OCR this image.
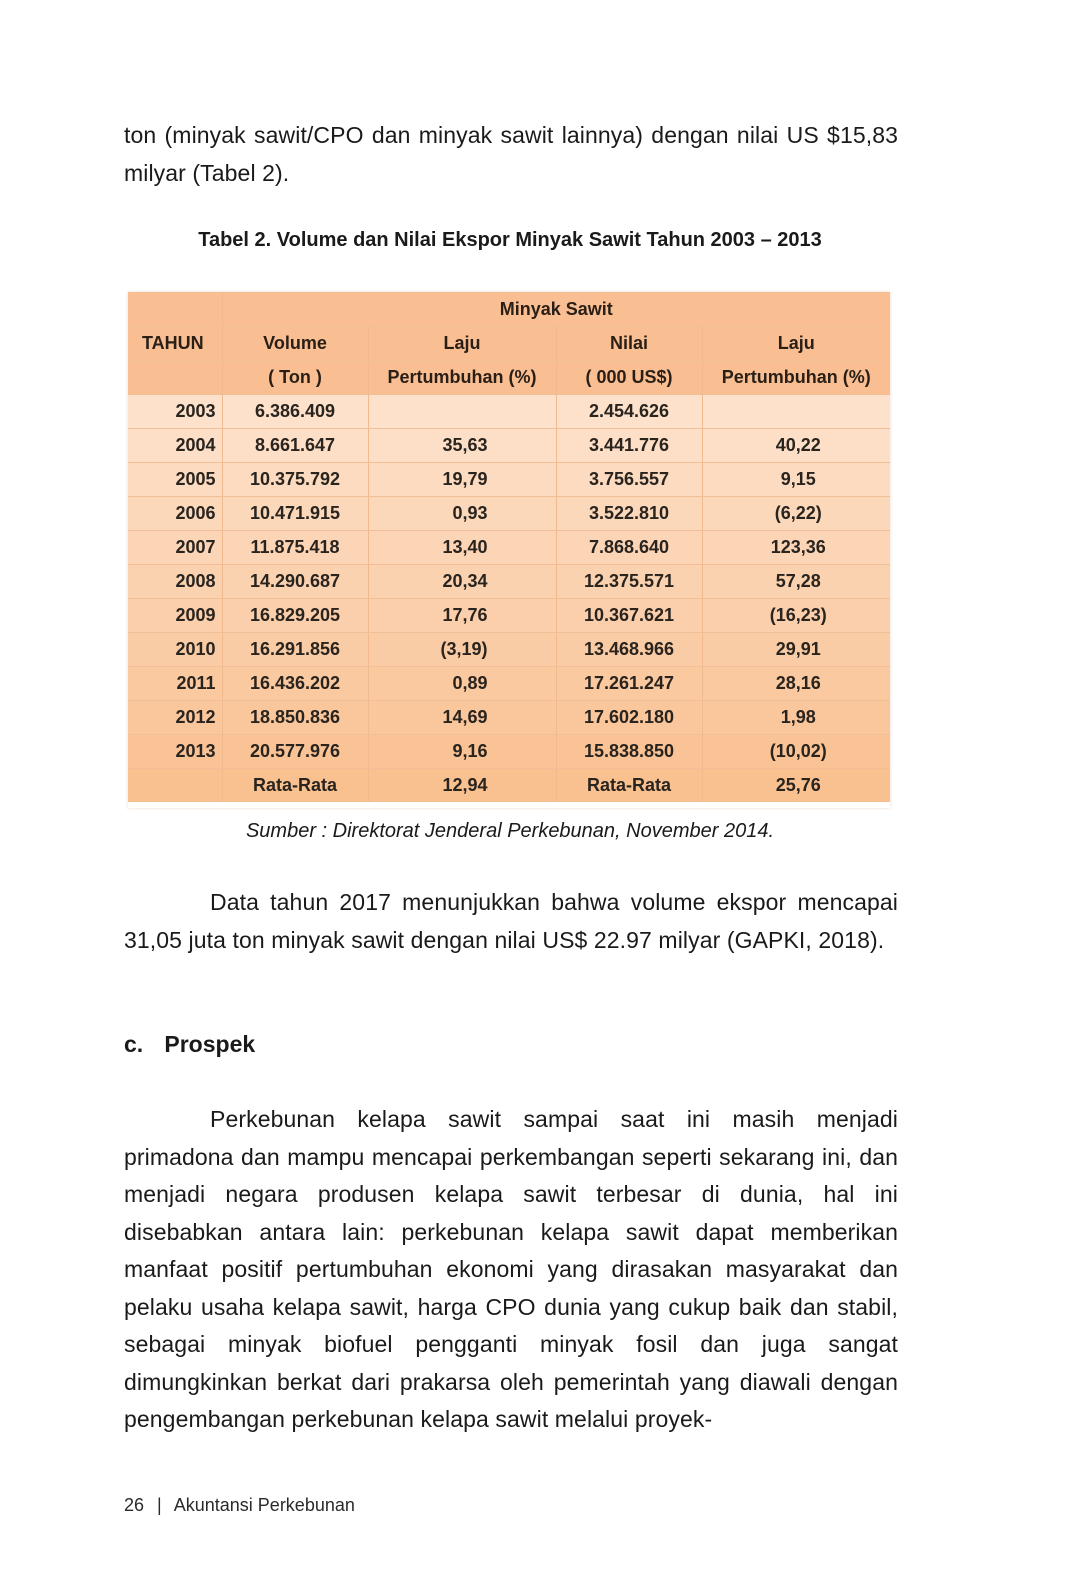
ton (minyak sawit/CPO dan minyak sawit lainnya) dengan nilai US $15,83 milyar (Tabel 2).

Tabel 2. Volume dan Nilai Ekspor Minyak Sawit Tahun 2003 – 2013
	Minyak Sawit			
TAHUN	Volume	Laju	Nilai	Laju
	( Ton )	Pertumbuhan (%)	( 000 US$)	Pertumbuhan (%)
2003	6.386.409		2.454.626	
2004	8.661.647	35,63	3.441.776	40,22
2005	10.375.792	19,79	3.756.557	9,15
2006	10.471.915	0,93	3.522.810	(6,22)
2007	11.875.418	13,40	7.868.640	123,36
2008	14.290.687	20,34	12.375.571	57,28
2009	16.829.205	17,76	10.367.621	(16,23)
2010	16.291.856	(3,19)	13.468.966	29,91
2011	16.436.202	0,89	17.261.247	28,16
2012	18.850.836	14,69	17.602.180	1,98
2013	20.577.976	9,16	15.838.850	(10,02)
	Rata-Rata	12,94	Rata-Rata	25,76
Sumber : Direktorat Jenderal Perkebunan, November 2014.

Data tahun 2017 menunjukkan bahwa volume ekspor mencapai 31,05 juta ton minyak sawit dengan nilai US$ 22.97 milyar (GAPKI, 2018).

c. Prospek

Perkebunan kelapa sawit sampai saat ini masih menjadi primadona dan mampu mencapai perkembangan seperti sekarang ini, dan menjadi negara produsen kelapa sawit terbesar di dunia, hal ini disebabkan antara lain: perkebunan kelapa sawit dapat memberikan manfaat positif pertumbuhan ekonomi yang dirasakan masyarakat dan pelaku usaha kelapa sawit, harga CPO dunia yang cukup baik dan stabil, sebagai minyak biofuel pengganti minyak fosil dan juga sangat dimungkinkan berkat dari prakarsa oleh pemerintah yang diawali dengan pengembangan perkebunan kelapa sawit melalui proyek-

26 | Akuntansi Perkebunan
